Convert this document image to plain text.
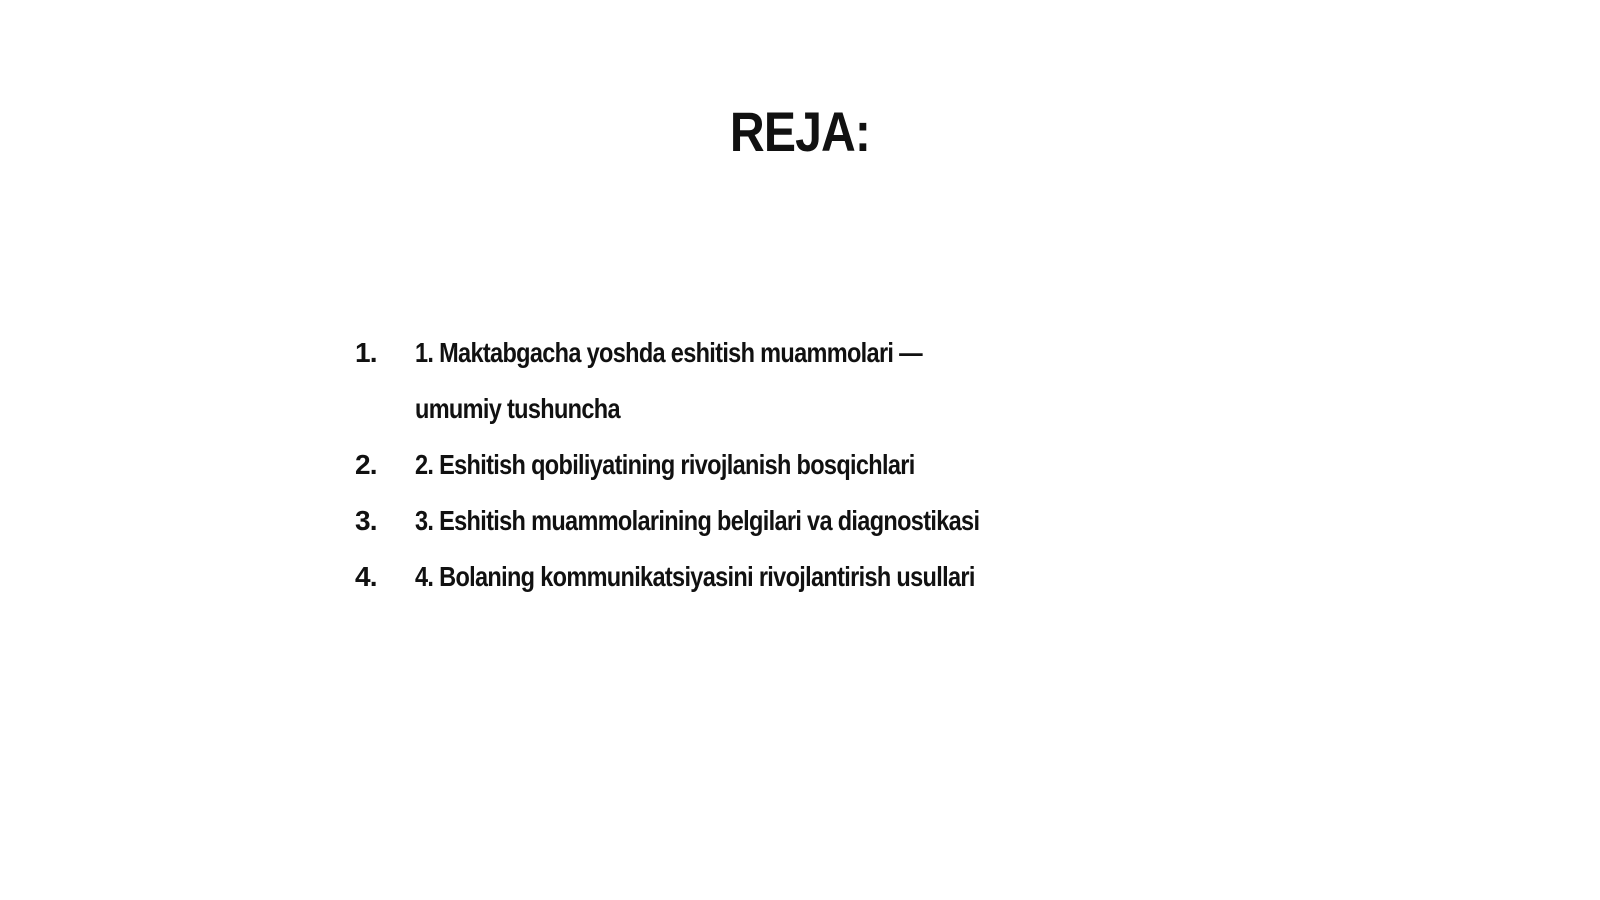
REJA:
1.	1. Maktabgacha yoshda eshitish muammolari — umumiy tushuncha
2.	2. Eshitish qobiliyatining rivojlanish bosqichlari
3.	3. Eshitish muammolarining belgilari va diagnostikasi
4.	4. Bolaning kommunikatsiyasini rivojlantirish usullari
